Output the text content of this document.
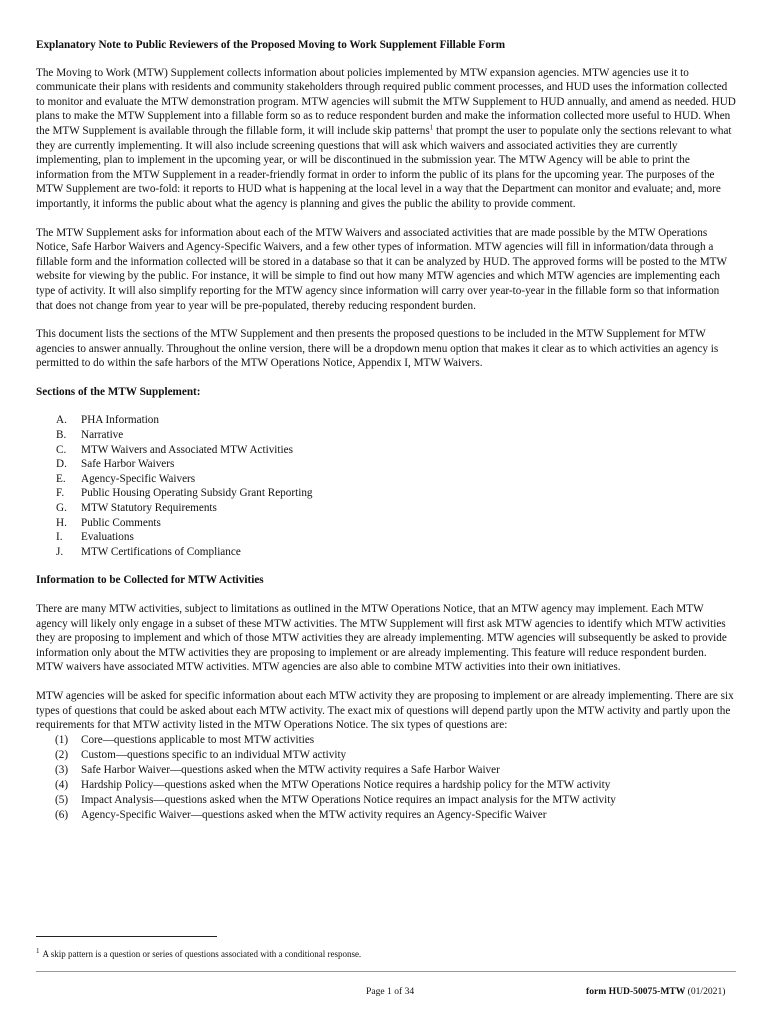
Explanatory Note to Public Reviewers of the Proposed Moving to Work Supplement Fillable Form

The Moving to Work (MTW) Supplement collects information about policies implemented by MTW expansion agencies. MTW agencies use it to communicate their plans with residents and community stakeholders through required public comment processes, and HUD uses the information collected to monitor and evaluate the MTW demonstration program. MTW agencies will submit the MTW Supplement to HUD annually, and amend as needed. HUD plans to make the MTW Supplement into a fillable form so as to reduce respondent burden and make the information collected more useful to HUD. When the MTW Supplement is available through the fillable form, it will include skip patterns$^1$ that prompt the user to populate only the sections relevant to what they are currently implementing. It will also include screening questions that will ask which waivers and associated activities they are currently implementing, plan to implement in the upcoming year, or will be discontinued in the submission year. The MTW Agency will be able to print the information from the MTW Supplement in a reader-friendly format in order to inform the public of its plans for the upcoming year. The purposes of the MTW Supplement are two-fold: it reports to HUD what is happening at the local level in a way that the Department can monitor and evaluate; and, more importantly, it informs the public about what the agency is planning and gives the public the ability to provide comment.

The MTW Supplement asks for information about each of the MTW Waivers and associated activities that are made possible by the MTW Operations Notice, Safe Harbor Waivers and Agency-Specific Waivers, and a few other types of information. MTW agencies will fill in information/data through a fillable form and the information collected will be stored in a database so that it can be analyzed by HUD. The approved forms will be posted to the MTW website for viewing by the public. For instance, it will be simple to find out how many MTW agencies and which MTW agencies are implementing each type of activity. It will also simplify reporting for the MTW agency since information will carry over year-to-year in the fillable form so that information that does not change from year to year will be pre-populated, thereby reducing respondent burden.

This document lists the sections of the MTW Supplement and then presents the proposed questions to be included in the MTW Supplement for MTW agencies to answer annually. Throughout the online version, there will be a dropdown menu option that makes it clear as to which activities an agency is permitted to do within the safe harbors of the MTW Operations Notice, Appendix I, MTW Waivers.

Sections of the MTW Supplement:
A.	PHA Information
B.	Narrative
C.	MTW Waivers and Associated MTW Activities
D.	Safe Harbor Waivers
E.	Agency-Specific Waivers
F.	Public Housing Operating Subsidy Grant Reporting
G.	MTW Statutory Requirements
H.	Public Comments
I.	Evaluations
J.	MTW Certifications of Compliance
Information to be Collected for MTW Activities

There are many MTW activities, subject to limitations as outlined in the MTW Operations Notice, that an MTW agency may implement. Each MTW agency will likely only engage in a subset of these MTW activities. The MTW Supplement will first ask MTW agencies to identify which MTW activities they are proposing to implement and which of those MTW activities they are already implementing. MTW agencies will subsequently be asked to provide information only about the MTW activities they are proposing to implement or are already implementing. This feature will reduce respondent burden. MTW waivers have associated MTW activities. MTW agencies are also able to combine MTW activities into their own initiatives.

MTW agencies will be asked for specific information about each MTW activity they are proposing to implement or are already implementing. There are six types of questions that could be asked about each MTW activity. The exact mix of questions will depend partly upon the MTW activity and partly upon the requirements for that MTW activity listed in the MTW Operations Notice. The six types of questions are:

(1)	Core—questions applicable to most MTW activities
(2)	Custom—questions specific to an individual MTW activity
(3)	Safe Harbor Waiver—questions asked when the MTW activity requires a Safe Harbor Waiver
(4)	Hardship Policy—questions asked when the MTW Operations Notice requires a hardship policy for the MTW activity
(5)	Impact Analysis—questions asked when the MTW Operations Notice requires an impact analysis for the MTW activity
(6)	Agency-Specific Waiver—questions asked when the MTW activity requires an Agency-Specific Waiver
$^1$ A skip pattern is a question or series of questions associated with a conditional response.
Page 1 of 34	form HUD-50075-MTW (01/2021)
